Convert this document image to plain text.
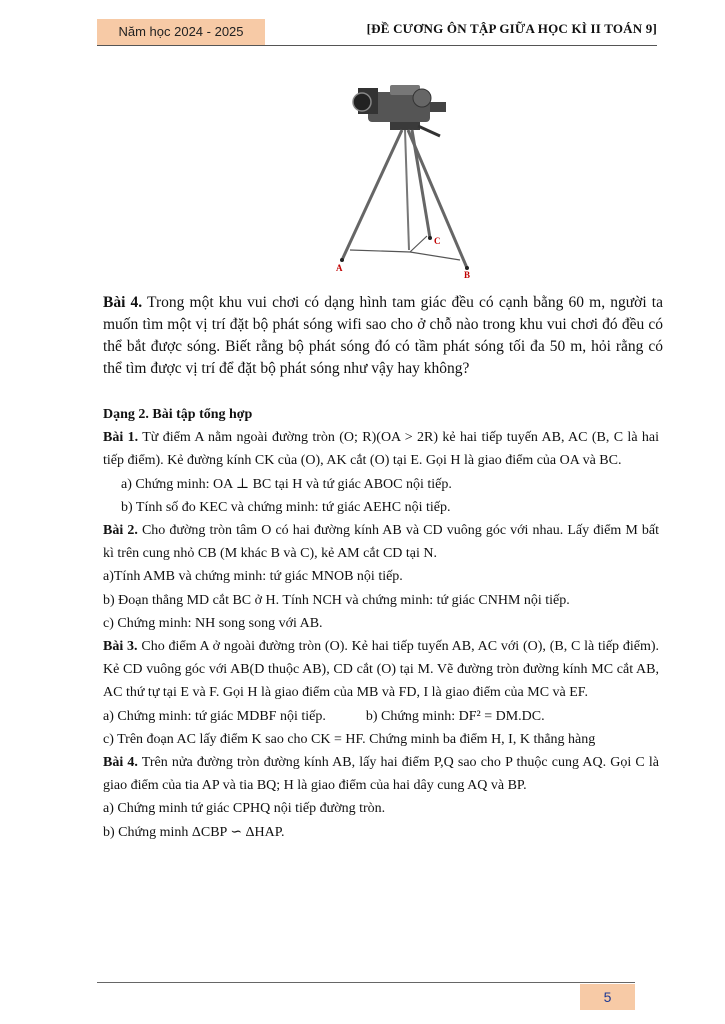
Năm học 2024 - 2025	[ĐỀ CƯƠNG ÔN TẬP GIỮA HỌC KÌ II TOÁN 9]
A
B
C
Bài 4. Trong một khu vui chơi có dạng hình tam giác đều có cạnh bằng 60 m, người ta muốn tìm một vị trí đặt bộ phát sóng wifi sao cho ở chỗ nào trong khu vui chơi đó đều có thể bắt được sóng. Biết rằng bộ phát sóng đó có tầm phát sóng tối đa 50 m, hỏi rằng có thể tìm được vị trí để đặt bộ phát sóng như vậy hay không?

Dạng 2. Bài tập tổng hợp

Bài 1. Từ điểm A nằm ngoài đường tròn (O; R)(OA > 2R) kẻ hai tiếp tuyến AB, AC (B, C là hai tiếp điểm). Kẻ đường kính CK của (O), AK cắt (O) tại E. Gọi H là giao điểm của OA và BC.

a) Chứng minh: OA ⊥ BC tại H và tứ giác ABOC nội tiếp.

b) Tính số đo KEC và chứng minh: tứ giác AEHC nội tiếp.

Bài 2. Cho đường tròn tâm O có hai đường kính AB và CD vuông góc với nhau. Lấy điểm M bất kì trên cung nhỏ CB (M khác B và C), kẻ AM cắt CD tại N.

a)Tính AMB và chứng minh: tứ giác MNOB nội tiếp.

b) Đoạn thẳng MD cắt BC ở H. Tính NCH và chứng minh: tứ giác CNHM nội tiếp.

c) Chứng minh: NH song song với AB.

Bài 3. Cho điểm A ở ngoài đường tròn (O). Kẻ hai tiếp tuyến AB, AC với (O), (B, C là tiếp điểm). Kẻ CD vuông góc với AB(D thuộc AB), CD cắt (O) tại M. Vẽ đường tròn đường kính MC cắt AB, AC thứ tự tại E và F. Gọi H là giao điểm của MB và FD, I là giao điểm của MC và EF.

a) Chứng minh: tứ giác MDBF nội tiếp.	b) Chứng minh: DF² = DM.DC.

c) Trên đoạn AC lấy điểm K sao cho CK = HF. Chứng minh ba điểm H, I, K thẳng hàng

Bài 4. Trên nửa đường tròn đường kính AB, lấy hai điểm P,Q sao cho P thuộc cung AQ. Gọi C là giao điểm của tia AP và tia BQ; H là giao điểm của hai dây cung AQ và BP.

a) Chứng minh tứ giác CPHQ nội tiếp đường tròn.

b) Chứng minh ΔCBP ∽ ΔHAP.

5
